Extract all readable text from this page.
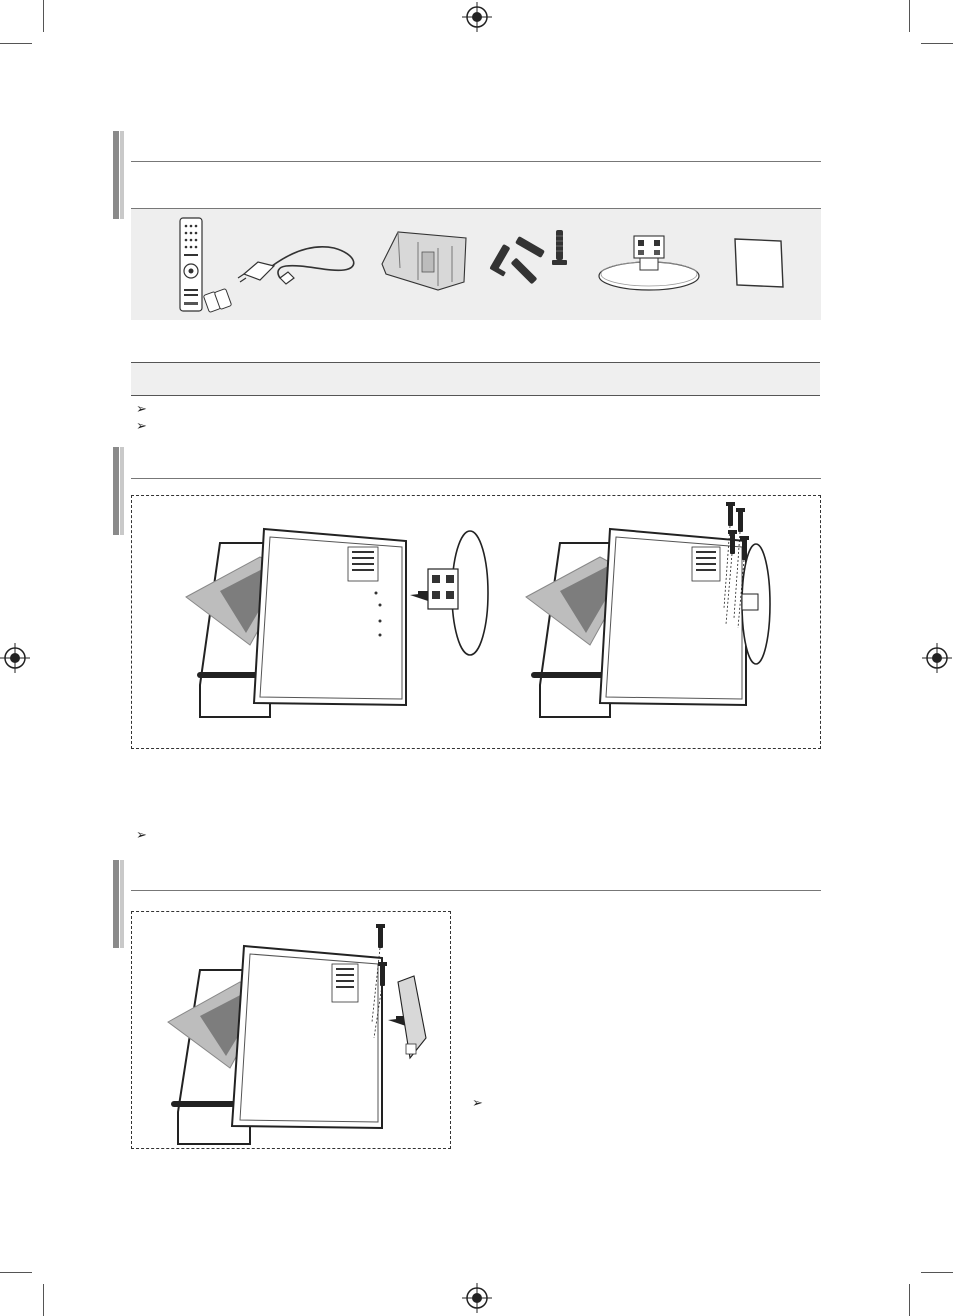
➢
➢
➢
➢
